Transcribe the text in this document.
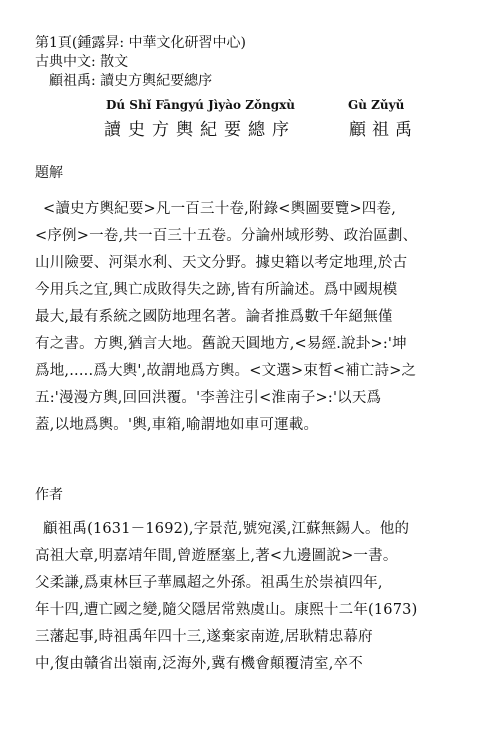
第1頁(鍾露昇: 中華文化研習中心)
古典中文: 散文
顧祖禹: 讀史方輿紀要總序
Dú Shǐ Fāngyú Jìyào Zǒngxù	Gù Zǔyǔ
讀史方輿紀要總序	顧祖禹
題解
<讀史方輿紀要>凡一百三十卷,附錄<輿圖要覽>四卷,
<序例>一卷,共一百三十五卷。分論州域形勢、政治區劃、
山川險要、河渠水利、天文分野。據史籍以考定地理,於古
今用兵之宜,興亡成敗得失之跡,皆有所論述。爲中國規模
最大,最有系統之國防地理名著。論者推爲數千年絕無僅
有之書。方輿,猶言大地。舊說天圓地方,<易經.說卦>:'坤
爲地,.....爲大輿',故謂地爲方輿。<文選>束晳<補亡詩>之
五:'漫漫方輿,回回洪覆。'李善注引<淮南子>:'以天爲
蓋,以地爲輿。'輿,車箱,喻謂地如車可運載。
作者
顧祖禹(1631－1692),字景范,號宛溪,江蘇無錫人。他的
高祖大章,明嘉靖年間,曾遊歷塞上,著<九邊圖說>一書。
父柔謙,爲東林巨子華鳳超之外孫。祖禹生於崇禎四年,
年十四,遭亡國之變,隨父隱居常熟虞山。康熙十二年(1673)
三藩起事,時祖禹年四十三,遂棄家南遊,居耿精忠幕府
中,復由贛省出嶺南,泛海外,冀有機會顛覆清室,卒不
